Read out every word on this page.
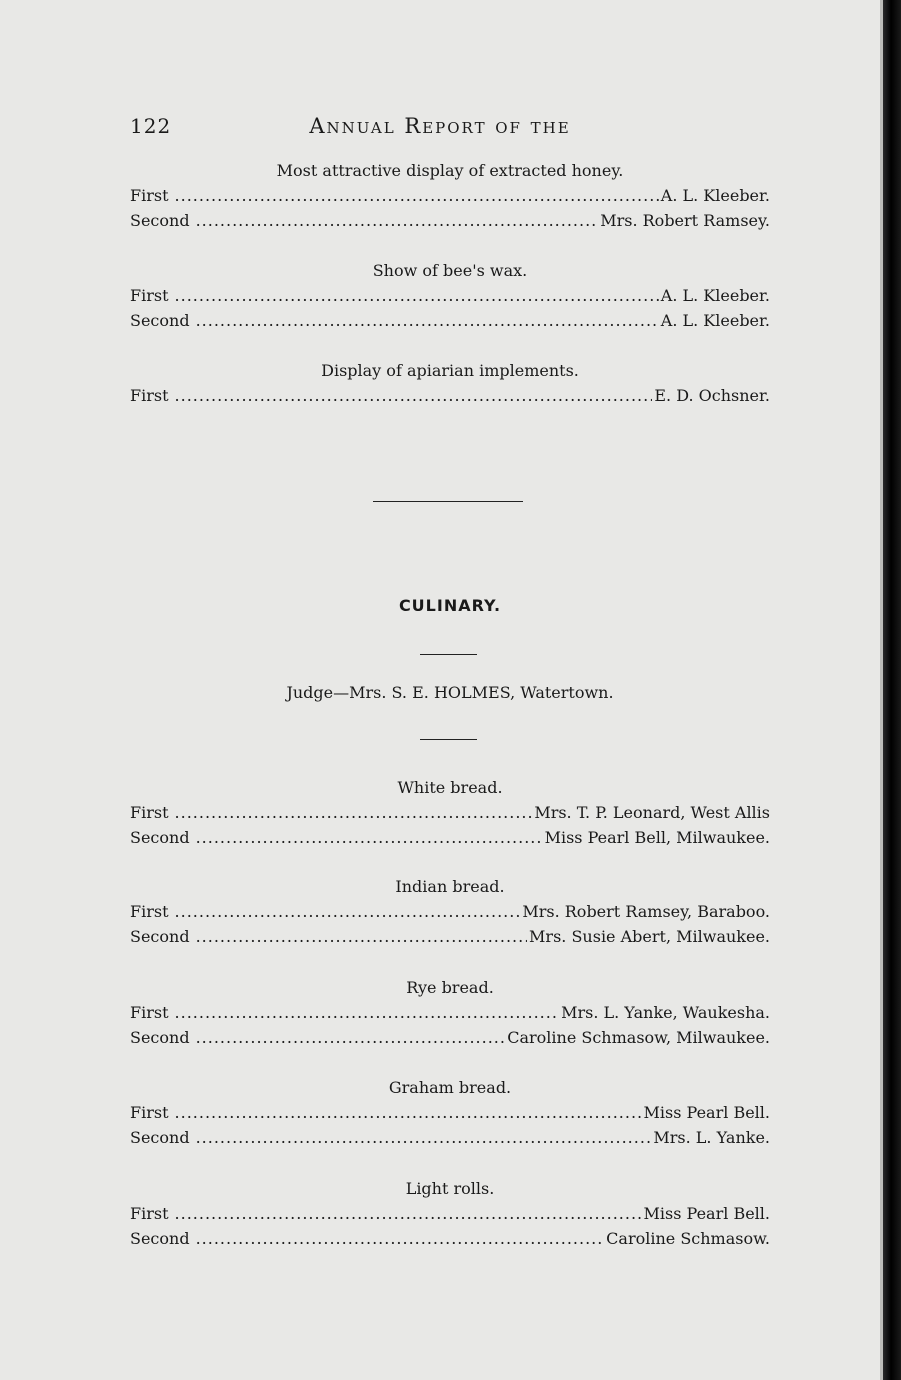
122	Annual Report of the
Most attractive display of extracted honey.
First .....	A. L. Kleeber.
Second .....	Mrs. Robert Ramsey.
Show of bee's wax.
First .....	A. L. Kleeber.
Second .....	A. L. Kleeber.
Display of apiarian implements.
First .....	E. D. Ochsner.
CULINARY.
Judge—Mrs. S. E. HOLMES, Watertown.
White bread.
First .....	Mrs. T. P. Leonard, West Allis
Second .....	Miss Pearl Bell, Milwaukee.
Indian bread.
First .....	Mrs. Robert Ramsey, Baraboo.
Second .....	Mrs. Susie Abert, Milwaukee.
Rye bread.
First .....	Mrs. L. Yanke, Waukesha.
Second .....	Caroline Schmasow, Milwaukee.
Graham bread.
First .....	Miss Pearl Bell.
Second .....	Mrs. L. Yanke.
Light rolls.
First .....	Miss Pearl Bell.
Second .....	Caroline Schmasow.
